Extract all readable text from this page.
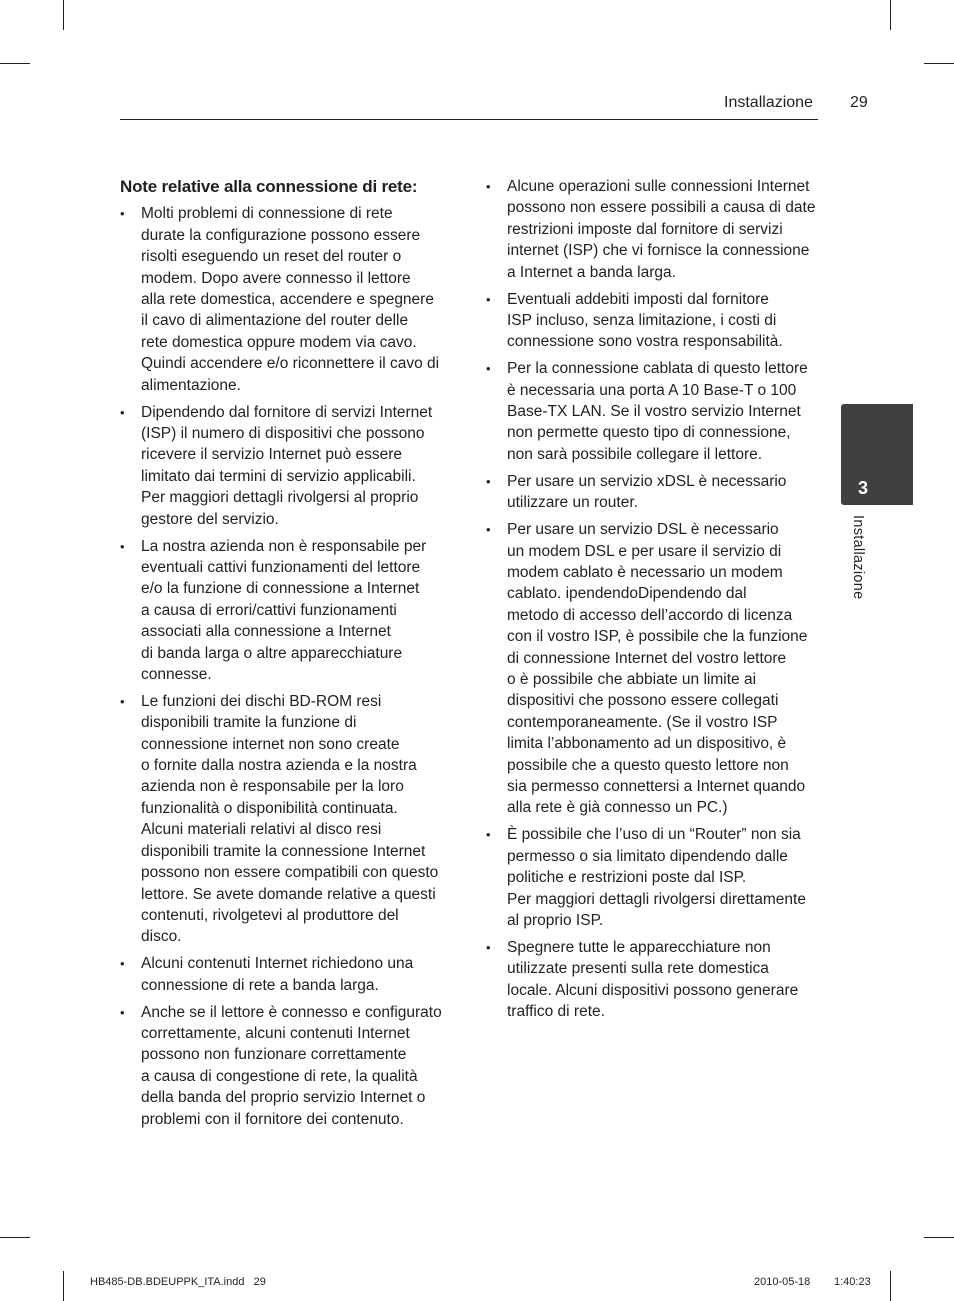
Installazione 29
Note relative alla connessione di rete:
•	Molti problemi di connessione di rete
durate la configurazione possono essere
risolti eseguendo un reset del router o
modem. Dopo avere connesso il lettore
alla rete domestica, accendere e spegnere
il cavo di alimentazione del router delle
rete domestica oppure modem via cavo.
Quindi accendere e/o riconnettere il cavo di
alimentazione.
•	Dipendendo dal fornitore di servizi Internet
(ISP) il numero di dispositivi che possono
ricevere il servizio Internet può essere
limitato dai termini di servizio applicabili.
Per maggiori dettagli rivolgersi al proprio
gestore del servizio.
•	La nostra azienda non è responsabile per
eventuali cattivi funzionamenti del lettore
e/o la funzione di connessione a Internet
a causa di errori/cattivi funzionamenti
associati alla connessione a Internet
di banda larga o altre apparecchiature
connesse.
•	Le funzioni dei dischi BD-ROM resi
disponibili tramite la funzione di
connessione internet non sono create
o fornite dalla nostra azienda e la nostra
azienda non è responsabile per la loro
funzionalità o disponibilità continuata.
Alcuni materiali relativi al disco resi
disponibili tramite la connessione Internet
possono non essere compatibili con questo
lettore. Se avete domande relative a questi
contenuti, rivolgetevi al produttore del
disco.
•	Alcuni contenuti Internet richiedono una
connessione di rete a banda larga.
•	Anche se il lettore è connesso e configurato
correttamente, alcuni contenuti Internet
possono non funzionare correttamente
a causa di congestione di rete, la qualità
della banda del proprio servizio Internet o
problemi con il fornitore dei contenuto.
•	Alcune operazioni sulle connessioni Internet
possono non essere possibili a causa di date
restrizioni imposte dal fornitore di servizi
internet (ISP) che vi fornisce la connessione
a Internet a banda larga.
•	Eventuali addebiti imposti dal fornitore
ISP incluso, senza limitazione, i costi di
connessione sono vostra responsabilità.
•	Per la connessione cablata di questo lettore
è necessaria una porta A 10 Base-T o 100
Base-TX LAN. Se il vostro servizio Internet
non permette questo tipo di connessione,
non sarà possibile collegare il lettore.
•	Per usare un servizio xDSL è necessario
utilizzare un router.
•	Per usare un servizio DSL è necessario
un modem DSL e per usare il servizio di
modem cablato è necessario un modem
cablato. ipendendoDipendendo dal
metodo di accesso dell’accordo di licenza
con il vostro ISP, è possibile che la funzione
di connessione Internet del vostro lettore
o è possibile che abbiate un limite ai
dispositivi che possono essere collegati
contemporaneamente. (Se il vostro ISP
limita l’abbonamento ad un dispositivo, è
possibile che a questo questo lettore non
sia permesso connettersi a Internet quando
alla rete è già connesso un PC.)
•	È possibile che l’uso di un “Router” non sia
permesso o sia limitato dipendendo dalle
politiche e restrizioni poste dal ISP.
Per maggiori dettagli rivolgersi direttamente
al proprio ISP.
•	Spegnere tutte le apparecchiature non
utilizzate presenti sulla rete domestica
locale. Alcuni dispositivi possono generare
traffico di rete.
3
Installazione
HB485-DB.BDEUPPK_ITA.indd   29	2010-05-18 1:40:23
